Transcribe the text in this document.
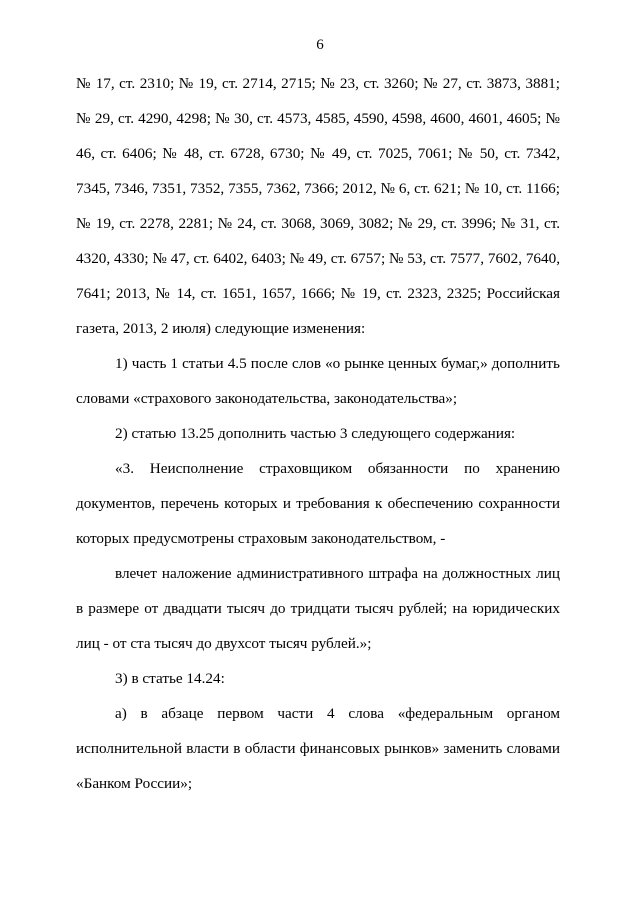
6

№ 17, ст. 2310; № 19, ст. 2714, 2715; № 23, ст. 3260; № 27, ст. 3873, 3881; № 29, ст. 4290, 4298; № 30, ст. 4573, 4585, 4590, 4598, 4600, 4601, 4605; № 46, ст. 6406; № 48, ст. 6728, 6730; № 49, ст. 7025, 7061; № 50, ст. 7342, 7345, 7346, 7351, 7352, 7355, 7362, 7366; 2012, № 6, ст. 621; № 10, ст. 1166; № 19, ст. 2278, 2281; № 24, ст. 3068, 3069, 3082; № 29, ст. 3996; № 31, ст. 4320, 4330; № 47, ст. 6402, 6403; № 49, ст. 6757; № 53, ст. 7577, 7602, 7640, 7641; 2013, № 14, ст. 1651, 1657, 1666; № 19, ст. 2323, 2325; Российская газета, 2013, 2 июля) следующие изменения:

1) часть 1 статьи 4.5 после слов «о рынке ценных бумаг,» дополнить словами «страхового законодательства, законодательства»;

2) статью 13.25 дополнить частью 3 следующего содержания:

«3. Неисполнение страховщиком обязанности по хранению документов, перечень которых и требования к обеспечению сохранности которых предусмотрены страховым законодательством, -

влечет наложение административного штрафа на должностных лиц в размере от двадцати тысяч до тридцати тысяч рублей; на юридических лиц - от ста тысяч до двухсот тысяч рублей.»;

3) в статье 14.24:

а) в абзаце первом части 4 слова «федеральным органом исполнительной власти в области финансовых рынков» заменить словами «Банком России»;
